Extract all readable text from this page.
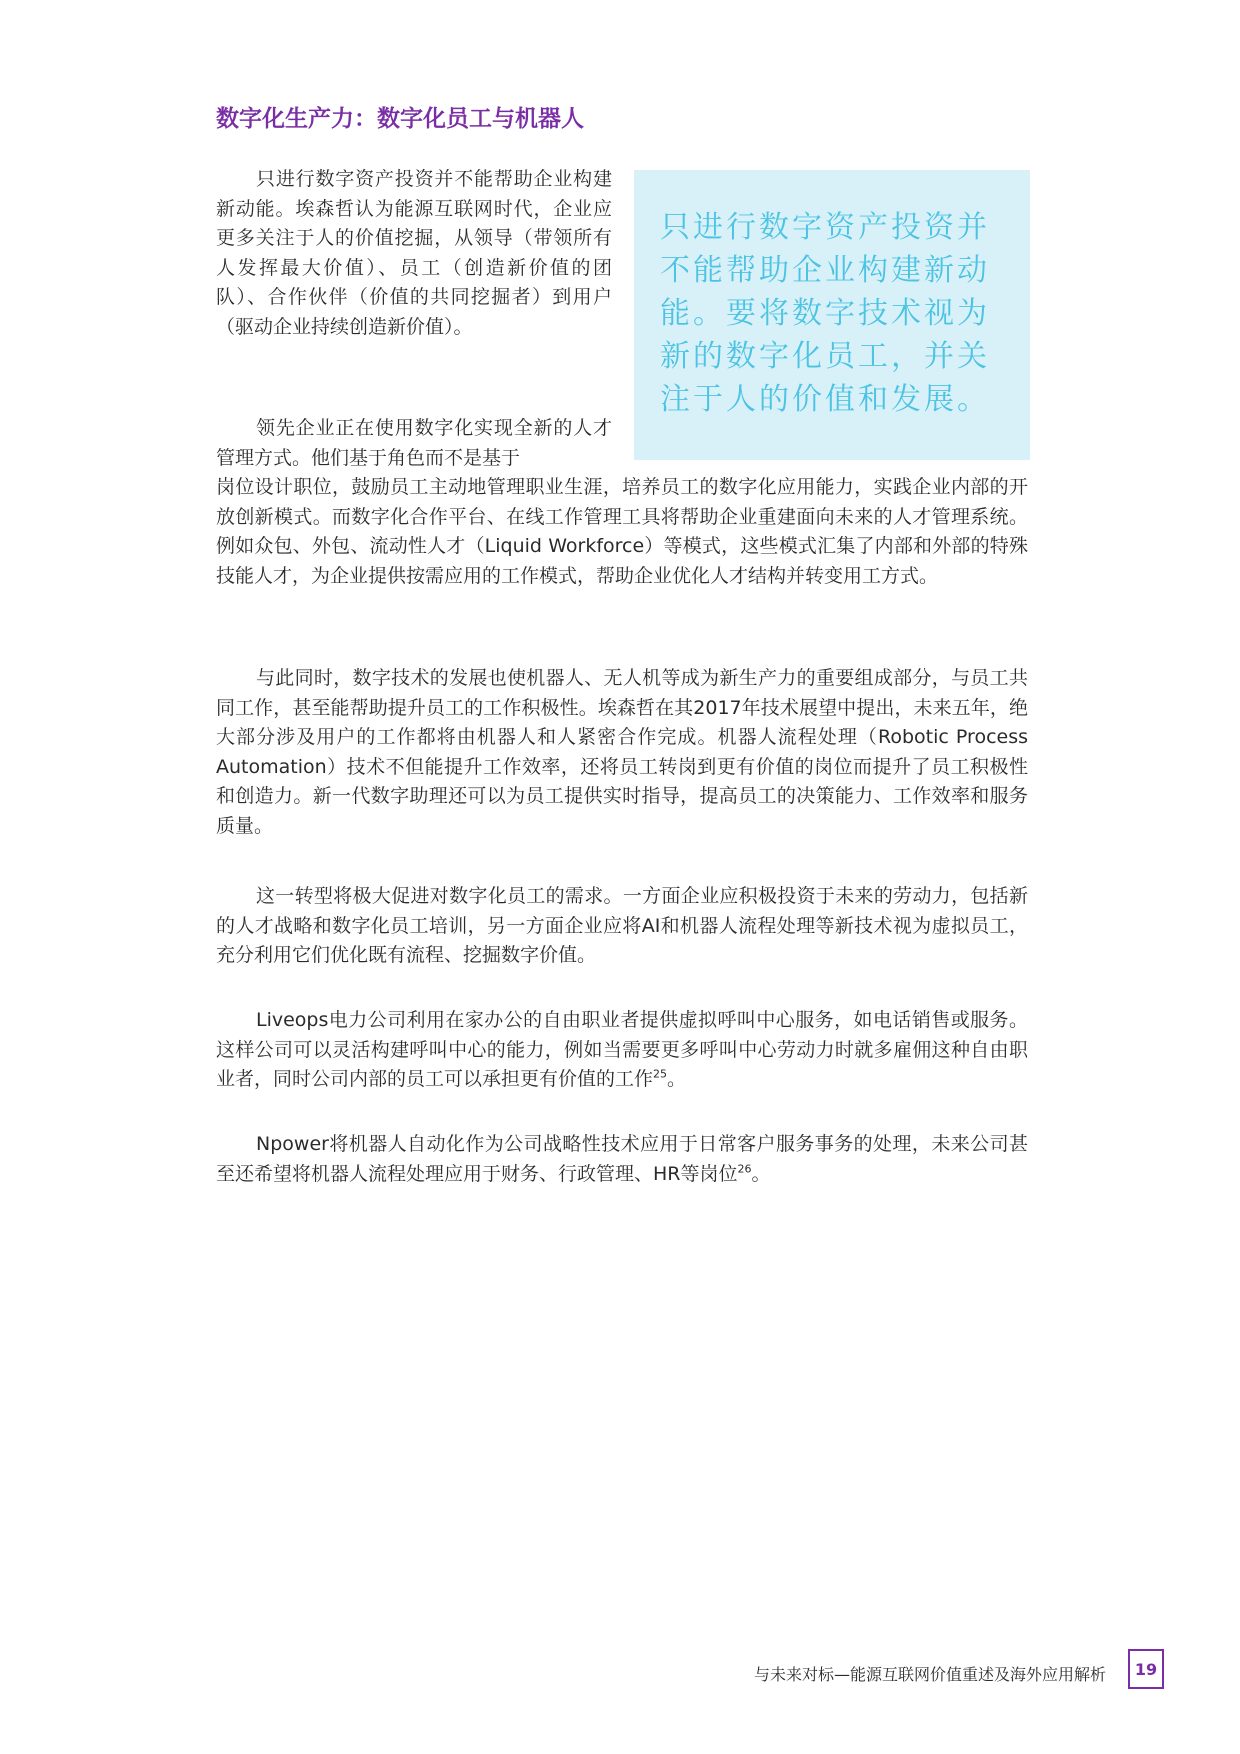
数字化生产力：数字化员工与机器人

只进行数字资产投资并

不能帮助企业构建新动

能。要将数字技术视为

新的数字化员工，并关

注于人的价值和发展。

只进行数字资产投资并不能帮助企业构建新动能。埃森哲认为能源互联网时代，企业应更多关注于人的价值挖掘，从领导（带领所有人发挥最大价值）、员工（创造新价值的团队）、合作伙伴（价值的共同挖掘者）到用户（驱动企业持续创造新价值）。

领先企业正在使用数字化实现全新的人才管理方式。他们基于角色而不是基于

岗位设计职位，鼓励员工主动地管理职业生涯，培养员工的数字化应用能力，实践企业内部的开放创新模式。而数字化合作平台、在线工作管理工具将帮助企业重建面向未来的人才管理系统。例如众包、外包、流动性人才（Liquid Workforce）等模式，这些模式汇集了内部和外部的特殊技能人才，为企业提供按需应用的工作模式，帮助企业优化人才结构并转变用工方式。

与此同时，数字技术的发展也使机器人、无人机等成为新生产力的重要组成部分，与员工共同工作，甚至能帮助提升员工的工作积极性。埃森哲在其2017年技术展望中提出，未来五年，绝大部分涉及用户的工作都将由机器人和人紧密合作完成。机器人流程处理（Robotic Process Automation）技术不但能提升工作效率，还将员工转岗到更有价值的岗位而提升了员工积极性和创造力。新一代数字助理还可以为员工提供实时指导，提高员工的决策能力、工作效率和服务质量。

这一转型将极大促进对数字化员工的需求。一方面企业应积极投资于未来的劳动力，包括新的人才战略和数字化员工培训，另一方面企业应将AI和机器人流程处理等新技术视为虚拟员工，充分利用它们优化既有流程、挖掘数字价值。

Liveops电力公司利用在家办公的自由职业者提供虚拟呼叫中心服务，如电话销售或服务。这样公司可以灵活构建呼叫中心的能力，例如当需要更多呼叫中心劳动力时就多雇佣这种自由职业者，同时公司内部的员工可以承担更有价值的工作$^{25}$。

Npower将机器人自动化作为公司战略性技术应用于日常客户服务事务的处理，未来公司甚至还希望将机器人流程处理应用于财务、行政管理、HR等岗位$^{26}$。

与未来对标—能源互联网价值重述及海外应用解析	19
